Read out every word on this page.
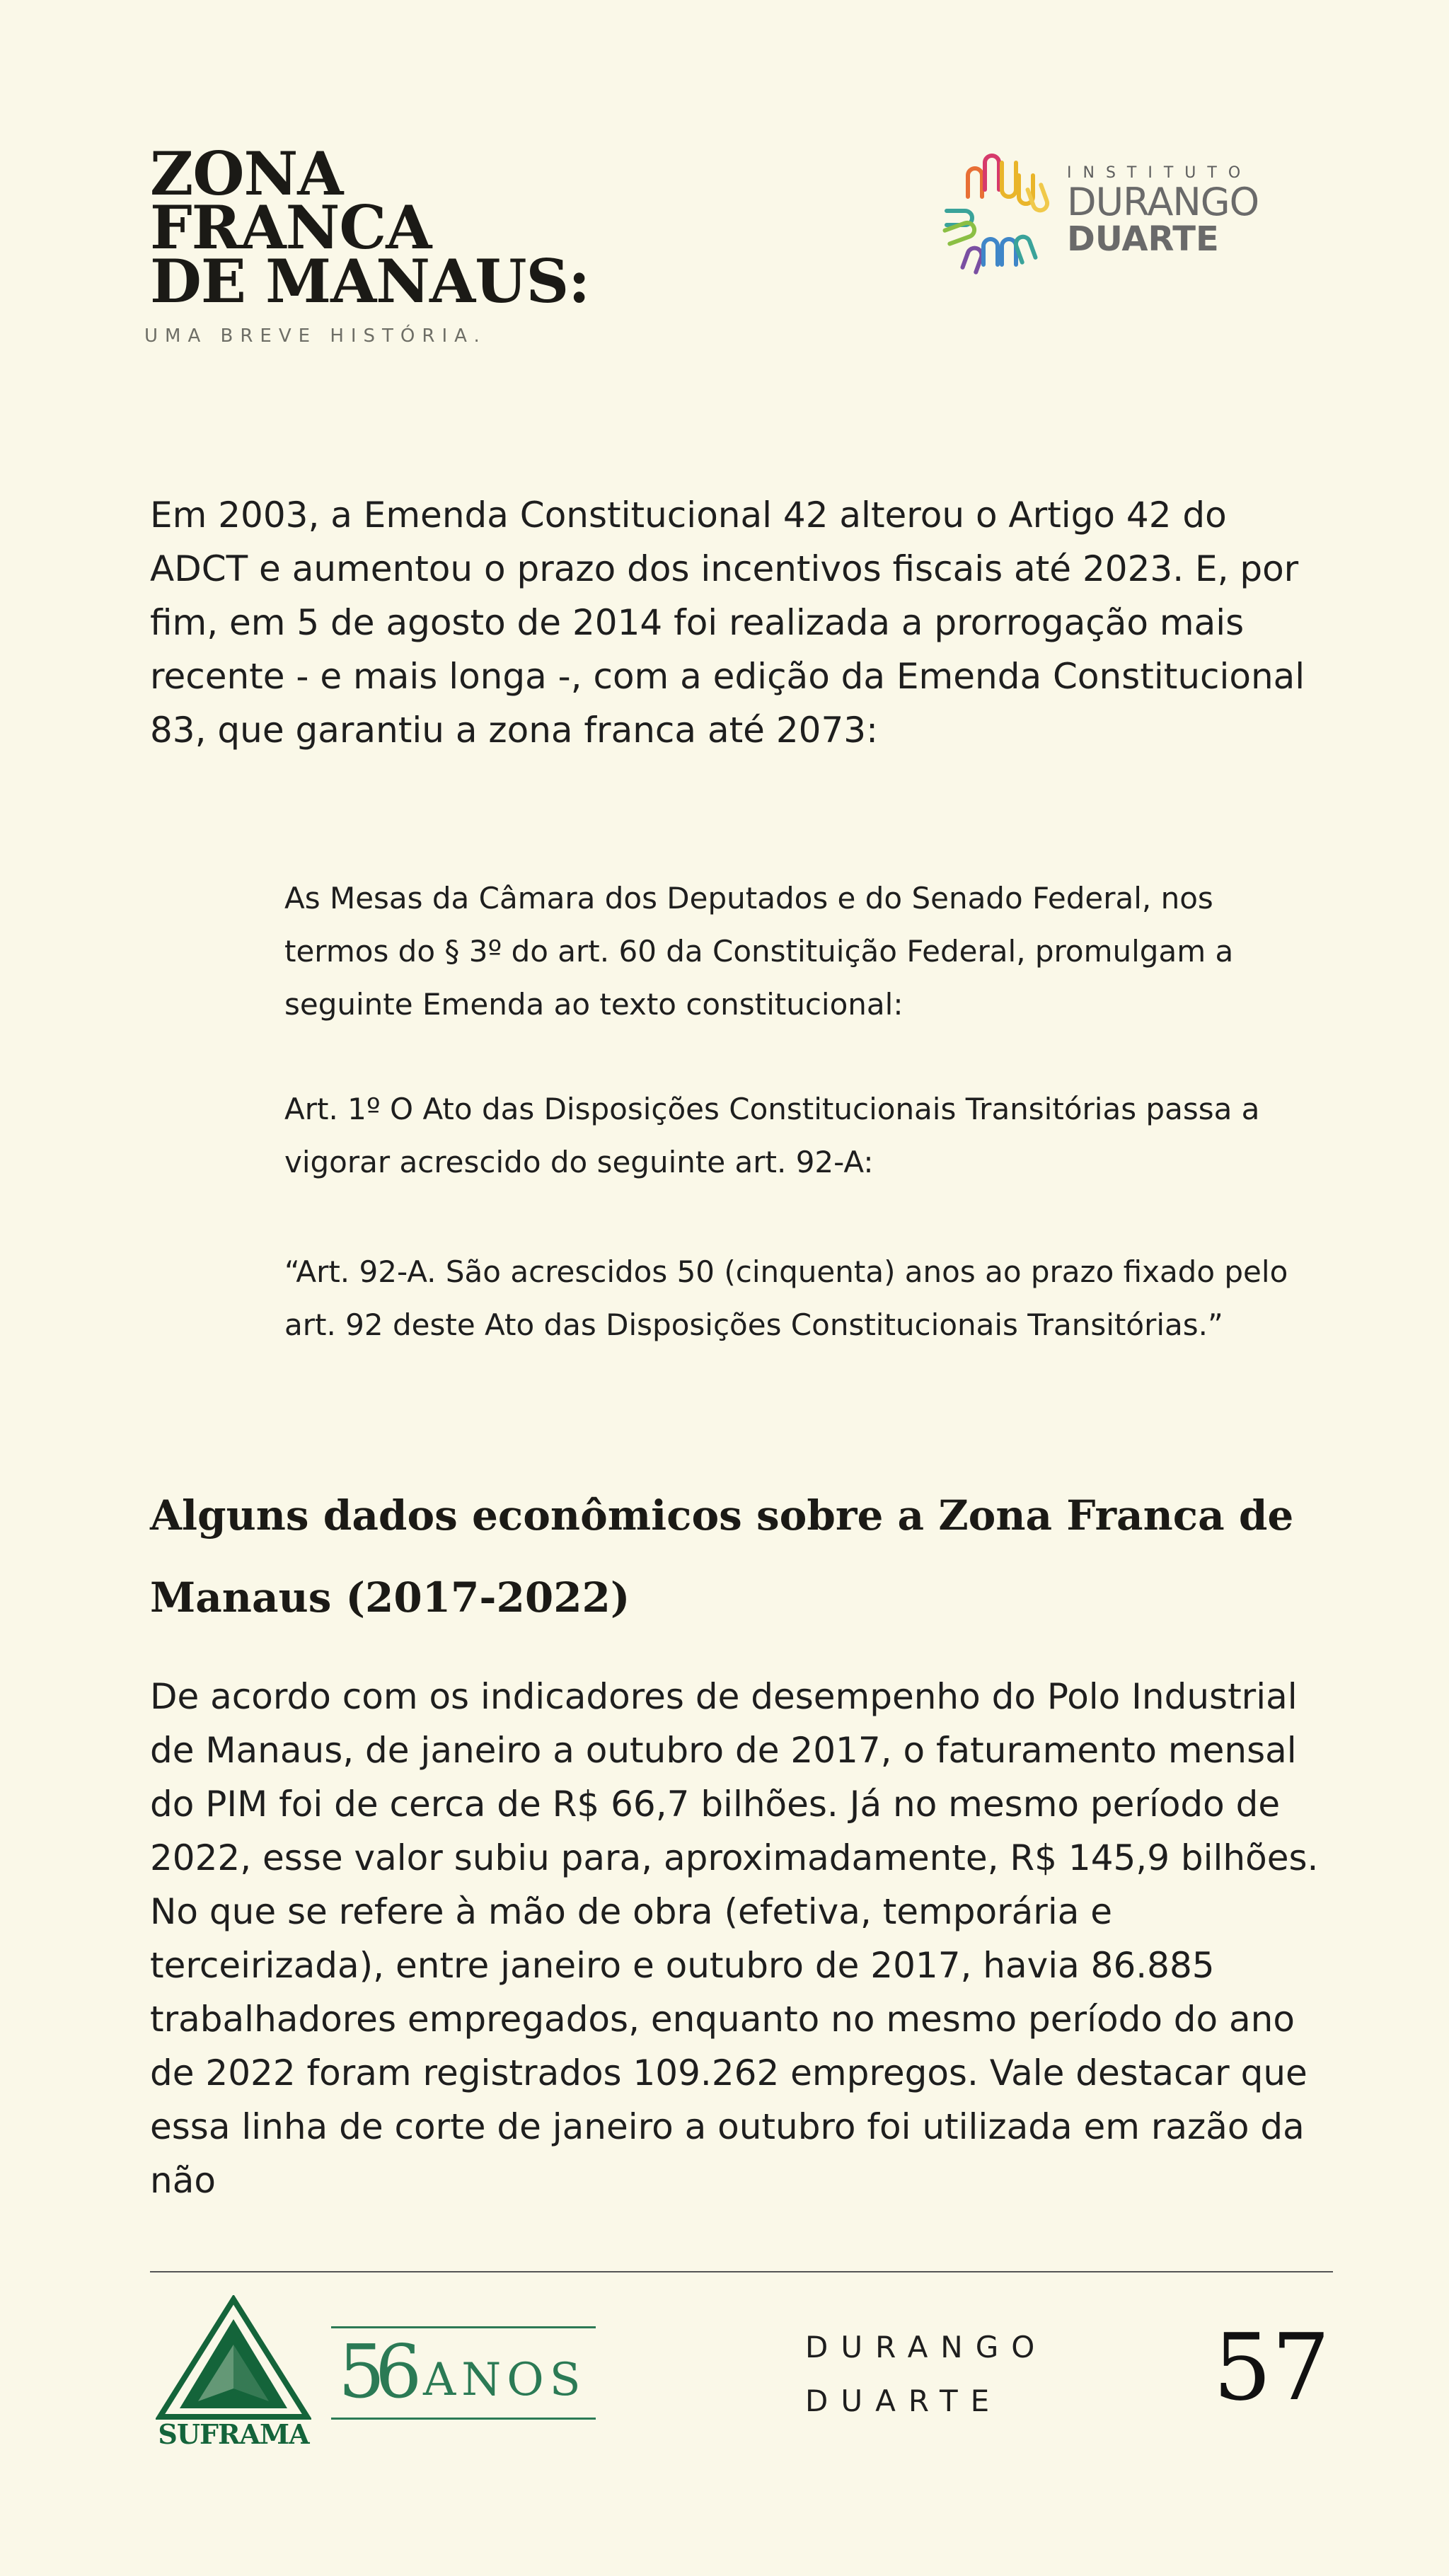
ZONA
FRANCA
DE MANAUS:
UMA BREVE HISTÓRIA.
INSTITUTO
DURANGO
DUARTE

Em 2003, a Emenda Constitucional 42 alterou o Artigo 42 do ADCT e aumentou o prazo dos incentivos fiscais até 2023. E, por fim, em 5 de agosto de 2014 foi realizada a prorrogação mais recente - e mais longa -, com a edição da Emenda Constitucional 83, que garantiu a zona franca até 2073:

As Mesas da Câmara dos Deputados e do Senado Federal, nos termos do § 3º do art. 60 da Constituição Federal, promulgam a seguinte Emenda ao texto constitucional:

Art. 1º O Ato das Disposições Constitucionais Transitórias passa a vigorar acrescido do seguinte art. 92-A:

“Art. 92-A. São acrescidos 50 (cinquenta) anos ao prazo fixado pelo art. 92 deste Ato das Disposições Constitucionais Transitórias.”

Alguns dados econômicos sobre a Zona Franca de Manaus (2017-2022)

De acordo com os indicadores de desempenho do Polo Industrial de Manaus, de janeiro a outubro de 2017, o faturamento mensal do PIM foi de cerca de R$ 66,7 bilhões. Já no mesmo período de 2022, esse valor subiu para, aproximadamente, R$ 145,9 bilhões. No que se refere à mão de obra (efetiva, temporária e terceirizada), entre janeiro e outubro de 2017, havia 86.885 trabalhadores empregados, enquanto no mesmo período do ano de 2022 foram registrados 109.262 empregos. Vale destacar que essa linha de corte de janeiro a outubro foi utilizada em razão da não

SUFRAMA
56 ANOS
DURANGO
DUARTE	57
